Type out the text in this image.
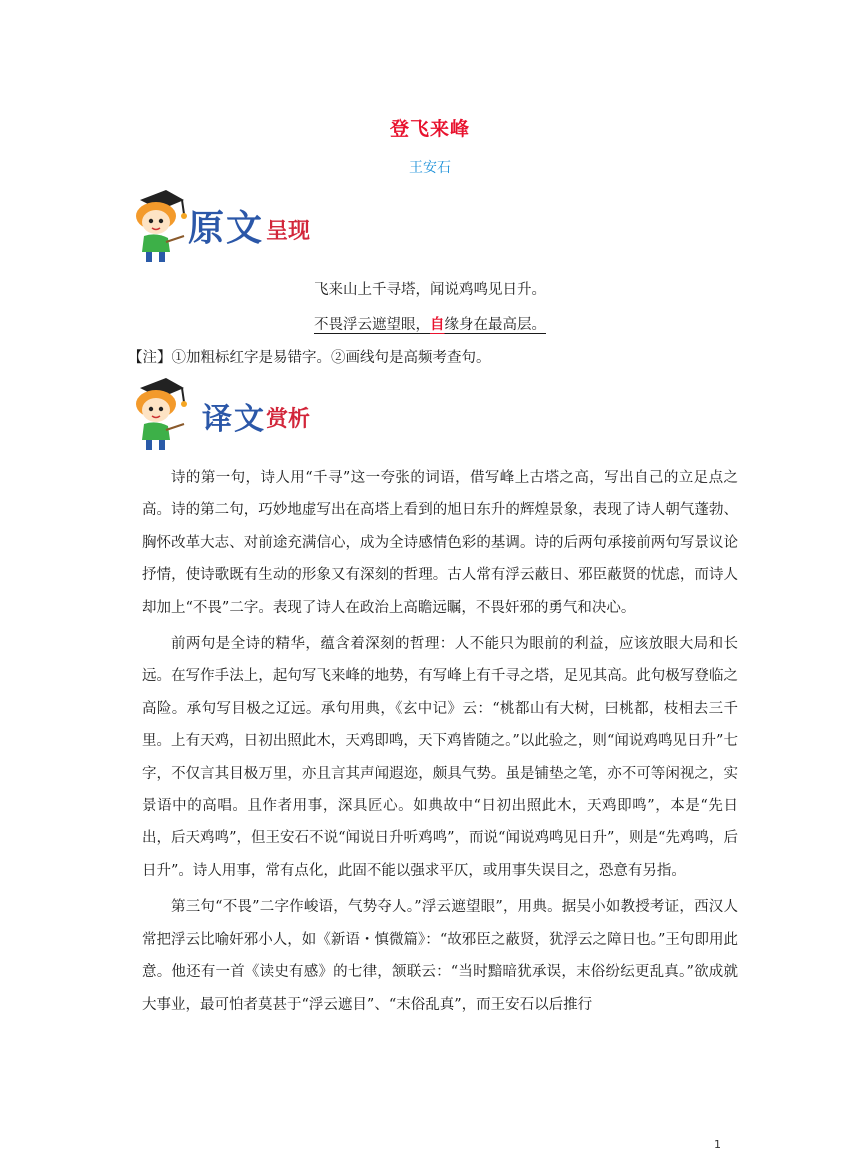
登飞来峰
王安石
原文 呈现
飞来山上千寻塔，闻说鸡鸣见日升。
不畏浮云遮望眼，自缘身在最高层。
【注】①加粗标红字是易错字。②画线句是高频考查句。
译文 赏析

诗的第一句，诗人用“千寻”这一夸张的词语，借写峰上古塔之高，写出自己的立足点之高。诗的第二句，巧妙地虚写出在高塔上看到的旭日东升的辉煌景象，表现了诗人朝气蓬勃、胸怀改革大志、对前途充满信心，成为全诗感情色彩的基调。诗的后两句承接前两句写景议论抒情，使诗歌既有生动的形象又有深刻的哲理。古人常有浮云蔽日、邪臣蔽贤的忧虑，而诗人却加上“不畏”二字。表现了诗人在政治上高瞻远瞩，不畏奸邪的勇气和决心。

前两句是全诗的精华，蕴含着深刻的哲理：人不能只为眼前的利益，应该放眼大局和长远。在写作手法上，起句写飞来峰的地势，有写峰上有千寻之塔，足见其高。此句极写登临之高险。承句写目极之辽远。承句用典，《玄中记》云：“桃都山有大树，曰桃都，枝相去三千里。上有天鸡，日初出照此木，天鸡即鸣，天下鸡皆随之。”以此验之，则“闻说鸡鸣见日升”七字，不仅言其目极万里，亦且言其声闻遐迩，颇具气势。虽是铺垫之笔，亦不可等闲视之，实景语中的高唱。且作者用事，深具匠心。如典故中“日初出照此木，天鸡即鸣”，本是“先日出，后天鸡鸣”，但王安石不说“闻说日升听鸡鸣”，而说“闻说鸡鸣见日升”，则是“先鸡鸣，后日升”。诗人用事，常有点化，此固不能以强求平仄，或用事失误目之，恐意有另指。

第三句“不畏”二字作峻语，气势夺人。”浮云遮望眼”，用典。据吴小如教授考证，西汉人常把浮云比喻奸邪小人，如《新语・慎微篇》：“故邪臣之蔽贤，犹浮云之障日也。”王句即用此意。他还有一首《读史有感》的七律，颔联云：“当时黯暗犹承误，末俗纷纭更乱真。”欲成就大事业，最可怕者莫甚于“浮云遮目”、“末俗乱真”，而王安石以后推行

1
